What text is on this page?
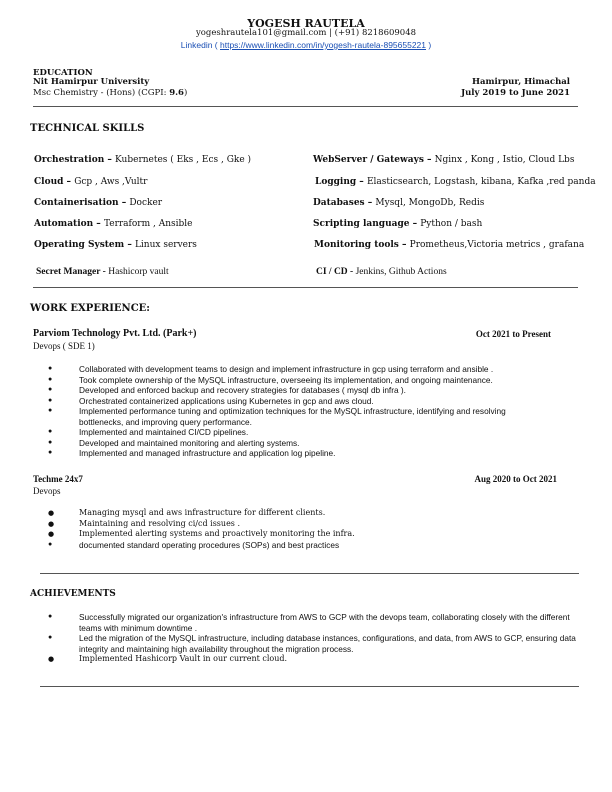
YOGESH RAUTELA
yogeshrautela101@gmail.com | (+91) 8218609048
Linkedin ( https://www.linkedin.com/in/yogesh-rautela-895655221 )
EDUCATION
Nit Hamirpur University	Hamirpur, Himachal
Msc Chemistry - (Hons) (CGPI: 9.6)	July 2019 to June 2021
TECHNICAL SKILLS
Orchestration – Kubernetes ( Eks , Ecs , Gke )	WebServer / Gateways – Nginx , Kong , Istio, Cloud Lbs
Cloud – Gcp , Aws ,Vultr	Logging – Elasticsearch, Logstash, kibana, Kafka ,red panda
Containerisation – Docker	Databases – Mysql, MongoDb, Redis
Automation – Terraform , Ansible	Scripting language – Python / bash
Operating System – Linux servers	Monitoring tools – Prometheus,Victoria metrics , grafana
Secret Manager - Hashicorp vault	CI / CD - Jenkins, Github Actions
WORK EXPERIENCE:
Parviom Technology Pvt. Ltd. (Park+)	Oct 2021 to Present
Devops ( SDE 1)
● Collaborated with development teams to design and implement infrastructure in gcp using terraform and ansible .
● Took complete ownership of the MySQL infrastructure, overseeing its implementation, and ongoing maintenance.
● Developed and enforced backup and recovery strategies for databases ( mysql db infra ).
● Orchestrated containerized applications using Kubernetes in gcp and aws cloud.
● Implemented performance tuning and optimization techniques for the MySQL infrastructure, identifying and resolving bottlenecks, and improving query performance.
● Implemented and maintained CI/CD pipelines.
● Developed and maintained monitoring and alerting systems.
● Implemented and managed infrastructure and application log pipeline.
Techme 24x7	Aug 2020 to Oct 2021
Devops
● Managing mysql and aws infrastructure for different clients.
● Maintaining and resolving ci/cd issues .
● Implemented alerting systems and proactively monitoring the infra.
● documented standard operating procedures (SOPs) and best practices
ACHIEVEMENTS
● Successfully migrated our organization's infrastructure from AWS to GCP with the devops team, collaborating closely with the different teams with minimum downtime .
● Led the migration of the MySQL infrastructure, including database instances, configurations, and data, from AWS to GCP, ensuring data integrity and maintaining high availability throughout the migration process.
● Implemented Hashicorp Vault in our current cloud.
